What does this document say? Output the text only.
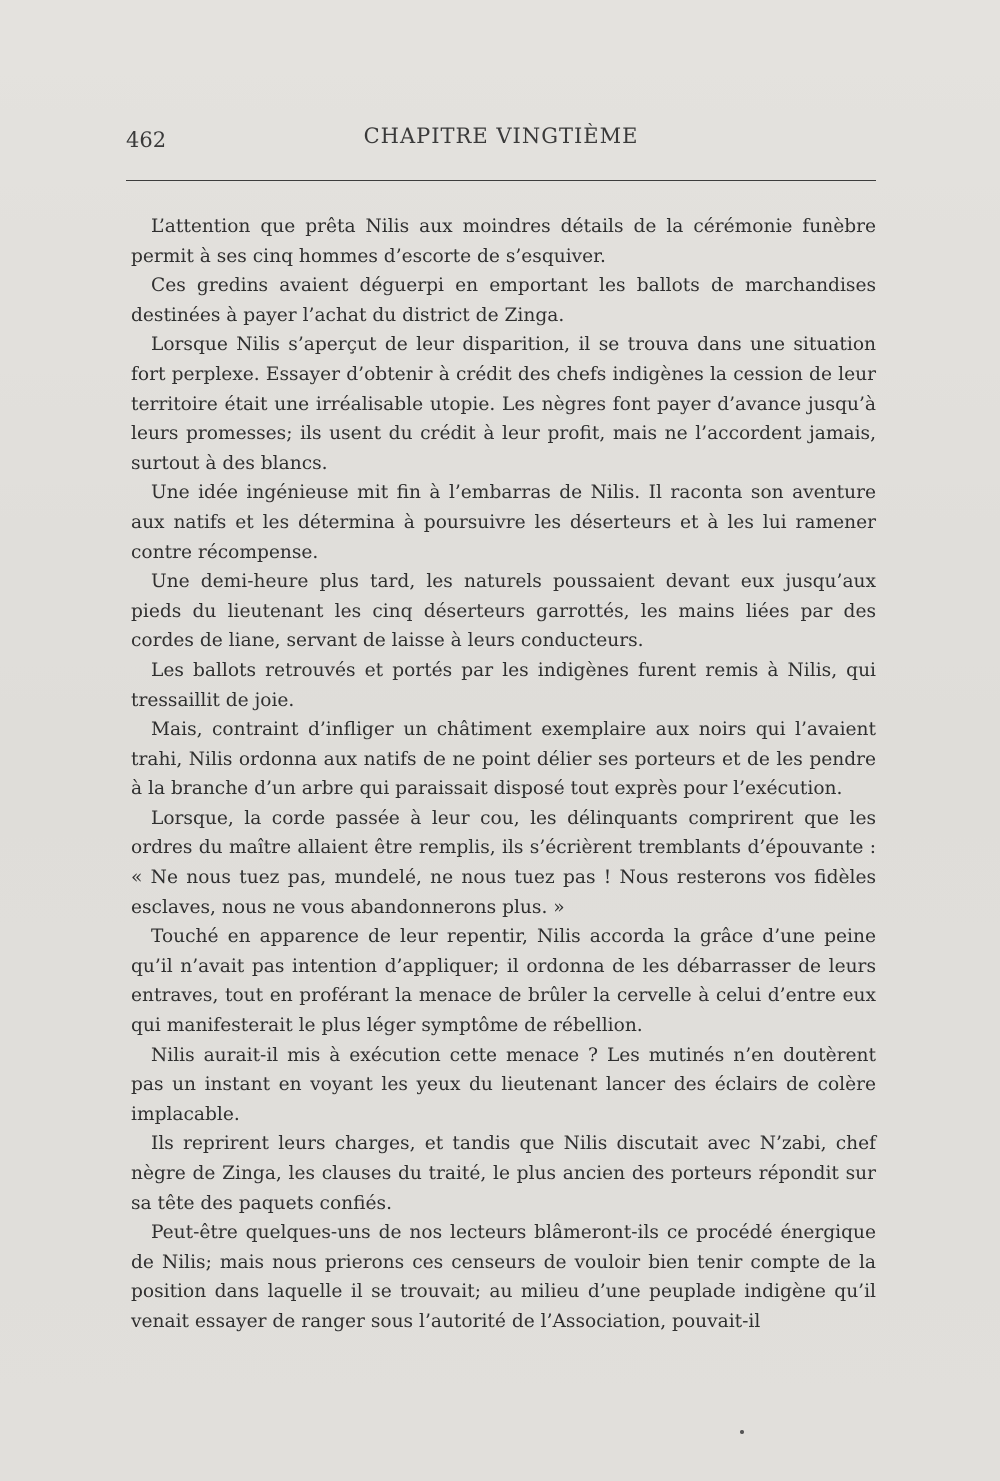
462	CHAPITRE VINGTIÈME

L’attention que prêta Nilis aux moindres détails de la cérémonie funèbre permit à ses cinq hommes d’escorte de s’esquiver.

Ces gredins avaient déguerpi en emportant les ballots de marchandises destinées à payer l’achat du district de Zinga.

Lorsque Nilis s’aperçut de leur disparition, il se trouva dans une situation fort perplexe. Essayer d’obtenir à crédit des chefs indigènes la cession de leur territoire était une irréalisable utopie. Les nègres font payer d’avance jusqu’à leurs promesses; ils usent du crédit à leur profit, mais ne l’accordent jamais, surtout à des blancs.

Une idée ingénieuse mit fin à l’embarras de Nilis. Il raconta son aventure aux natifs et les détermina à poursuivre les déserteurs et à les lui ramener contre récompense.

Une demi-heure plus tard, les naturels poussaient devant eux jusqu’aux pieds du lieutenant les cinq déserteurs garrottés, les mains liées par des cordes de liane, servant de laisse à leurs conducteurs.

Les ballots retrouvés et portés par les indigènes furent remis à Nilis, qui tressaillit de joie.

Mais, contraint d’infliger un châtiment exemplaire aux noirs qui l’avaient trahi, Nilis ordonna aux natifs de ne point délier ses porteurs et de les pendre à la branche d’un arbre qui paraissait disposé tout exprès pour l’exécution.

Lorsque, la corde passée à leur cou, les délinquants comprirent que les ordres du maître allaient être remplis, ils s’écrièrent tremblants d’épouvante : « Ne nous tuez pas, mundelé, ne nous tuez pas ! Nous resterons vos fidèles esclaves, nous ne vous abandonnerons plus. »

Touché en apparence de leur repentir, Nilis accorda la grâce d’une peine qu’il n’avait pas intention d’appliquer; il ordonna de les débarrasser de leurs entraves, tout en proférant la menace de brûler la cervelle à celui d’entre eux qui manifesterait le plus léger symptôme de rébellion.

Nilis aurait-il mis à exécution cette menace ? Les mutinés n’en doutèrent pas un instant en voyant les yeux du lieutenant lancer des éclairs de colère implacable.

Ils reprirent leurs charges, et tandis que Nilis discutait avec N’zabi, chef nègre de Zinga, les clauses du traité, le plus ancien des porteurs répondit sur sa tête des paquets confiés.

Peut-être quelques-uns de nos lecteurs blâmeront-ils ce procédé énergique de Nilis; mais nous prierons ces censeurs de vouloir bien tenir compte de la position dans laquelle il se trouvait; au milieu d’une peuplade indigène qu’il venait essayer de ranger sous l’autorité de l’Association, pouvait-il
